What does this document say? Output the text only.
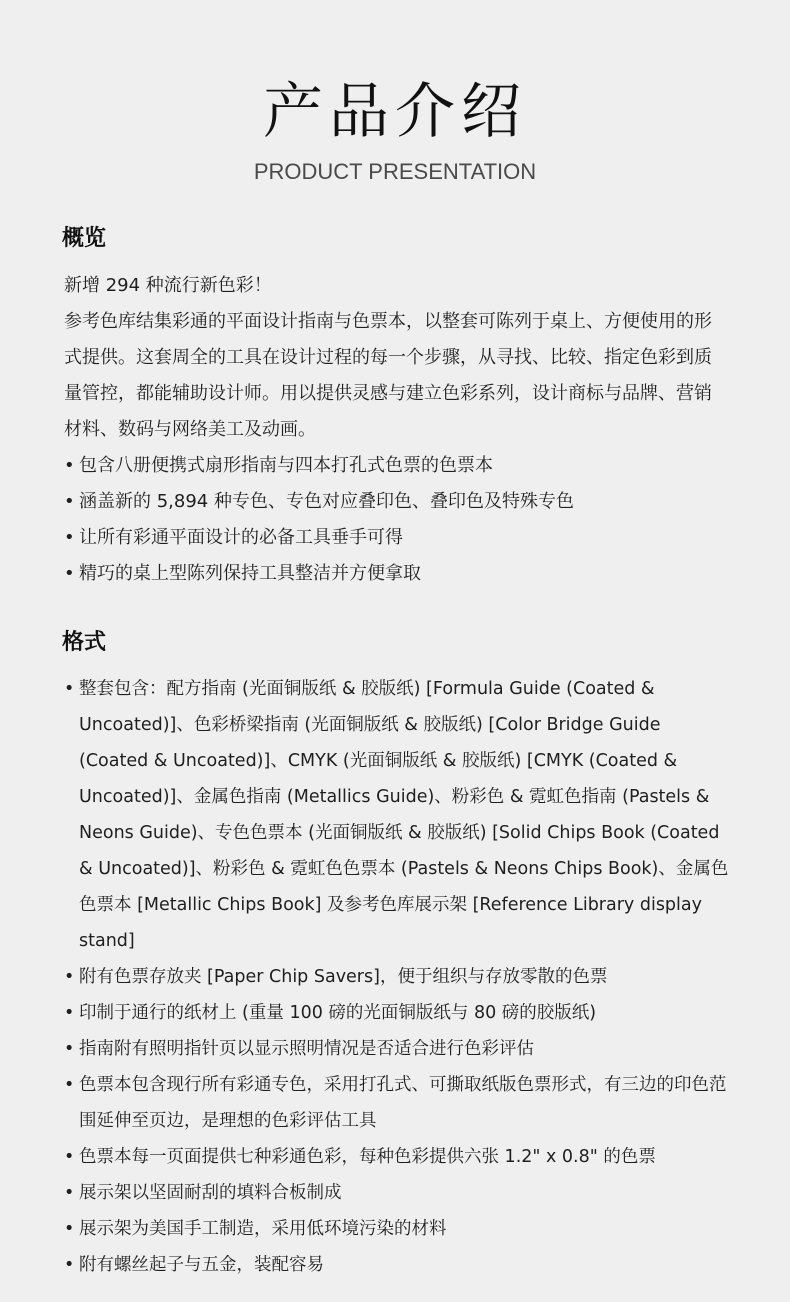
产品介绍
PRODUCT PRESENTATION
概览

新增 294 种流行新色彩！

参考色库结集彩通的平面设计指南与色票本，以整套可陈列于桌上、方便使用的形式提供。这套周全的工具在设计过程的每一个步骤，从寻找、比较、指定色彩到质量管控，都能辅助设计师。用以提供灵感与建立色彩系列，设计商标与品牌、营销材料、数码与网络美工及动画。

• 包含八册便携式扇形指南与四本打孔式色票的色票本
• 涵盖新的 5,894 种专色、专色对应叠印色、叠印色及特殊专色
• 让所有彩通平面设计的必备工具垂手可得
• 精巧的桌上型陈列保持工具整洁并方便拿取
格式
• 整套包含：配方指南 (光面铜版纸 & 胶版纸) [Formula Guide (Coated & Uncoated)]、色彩桥梁指南 (光面铜版纸 & 胶版纸) [Color Bridge Guide (Coated & Uncoated)]、CMYK (光面铜版纸 & 胶版纸) [CMYK (Coated & Uncoated)]、金属色指南 (Metallics Guide)、粉彩色 & 霓虹色指南 (Pastels & Neons Guide)、专色色票本 (光面铜版纸 & 胶版纸) [Solid Chips Book (Coated & Uncoated)]、粉彩色 & 霓虹色色票本 (Pastels & Neons Chips Book)、金属色色票本 [Metallic Chips Book] 及参考色库展示架 [Reference Library display stand]
• 附有色票存放夹 [Paper Chip Savers]，便于组织与存放零散的色票
• 印制于通行的纸材上 (重量 100 磅的光面铜版纸与 80 磅的胶版纸)
• 指南附有照明指针页以显示照明情况是否适合进行色彩评估
• 色票本包含现行所有彩通专色，采用打孔式、可撕取纸版色票形式，有三边的印色范围延伸至页边，是理想的色彩评估工具
• 色票本每一页面提供七种彩通色彩，每种色彩提供六张 1.2" x 0.8" 的色票
• 展示架以坚固耐刮的填料合板制成
• 展示架为美国手工制造，采用低环境污染的材料
• 附有螺丝起子与五金，装配容易
